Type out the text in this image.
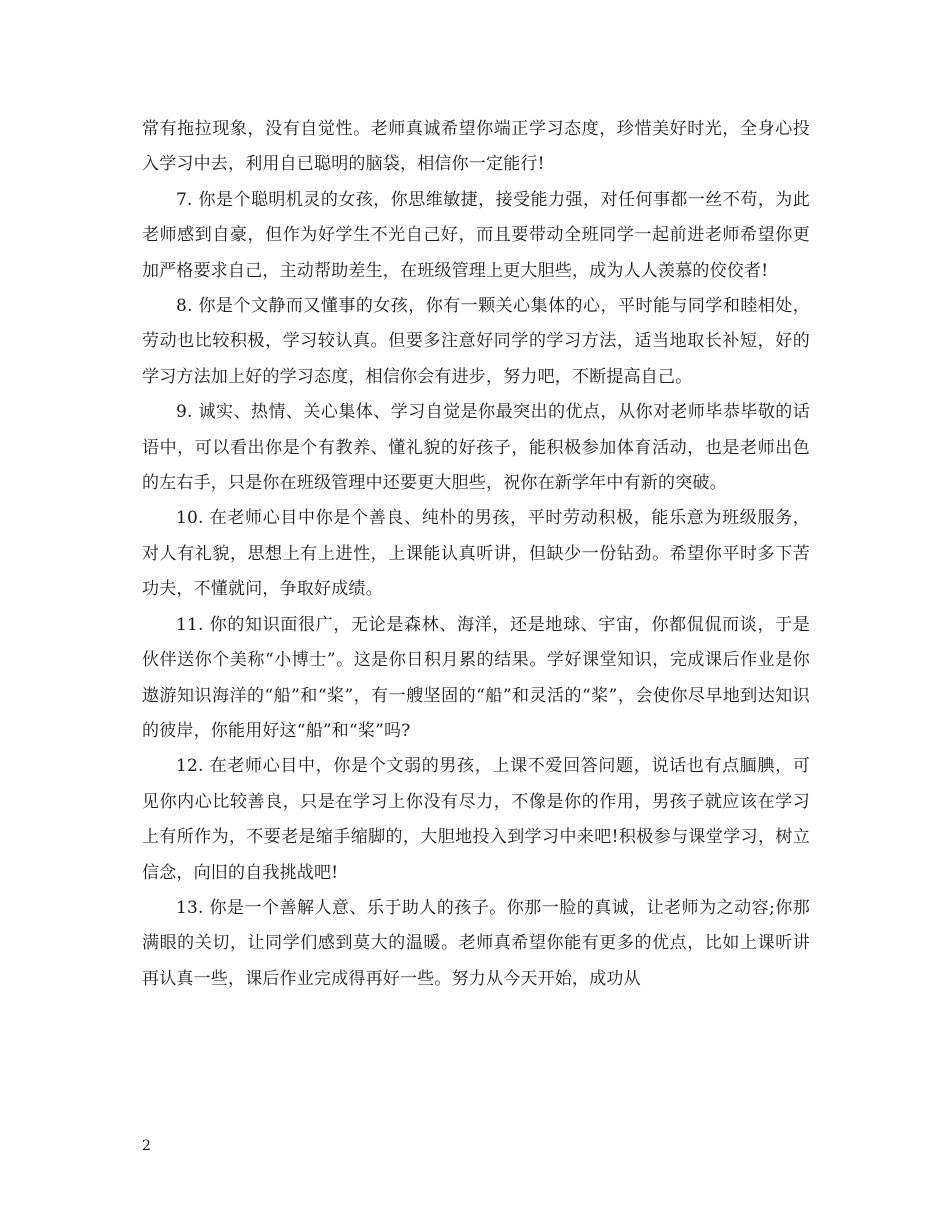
常有拖拉现象，没有自觉性。老师真诚希望你端正学习态度，珍惜美好时光，全身心投入学习中去，利用自已聪明的脑袋，相信你一定能行!

7. 你是个聪明机灵的女孩，你思维敏捷，接受能力强，对任何事都一丝不苟，为此老师感到自豪，但作为好学生不光自己好，而且要带动全班同学一起前进老师希望你更加严格要求自己，主动帮助差生，在班级管理上更大胆些，成为人人羡慕的佼佼者!

8. 你是个文静而又懂事的女孩，你有一颗关心集体的心，平时能与同学和睦相处，劳动也比较积极，学习较认真。但要多注意好同学的学习方法，适当地取长补短，好的学习方法加上好的学习态度，相信你会有进步，努力吧，不断提高自己。

9. 诚实、热情、关心集体、学习自觉是你最突出的优点，从你对老师毕恭毕敬的话语中，可以看出你是个有教养、懂礼貌的好孩子，能积极参加体育活动，也是老师出色的左右手，只是你在班级管理中还要更大胆些，祝你在新学年中有新的突破。

10. 在老师心目中你是个善良、纯朴的男孩，平时劳动积极，能乐意为班级服务，对人有礼貌，思想上有上进性，上课能认真听讲，但缺少一份钻劲。希望你平时多下苦功夫，不懂就问，争取好成绩。

11. 你的知识面很广，无论是森林、海洋，还是地球、宇宙，你都侃侃而谈，于是伙伴送你个美称“小博士”。这是你日积月累的结果。学好课堂知识，完成课后作业是你遨游知识海洋的“船”和“桨”，有一艘坚固的“船”和灵活的“桨”，会使你尽早地到达知识的彼岸，你能用好这“船”和“桨”吗?

12. 在老师心目中，你是个文弱的男孩，上课不爱回答问题，说话也有点腼腆，可见你内心比较善良，只是在学习上你没有尽力，不像是你的作用，男孩子就应该在学习上有所作为，不要老是缩手缩脚的，大胆地投入到学习中来吧!积极参与课堂学习，树立信念，向旧的自我挑战吧!

13. 你是一个善解人意、乐于助人的孩子。你那一脸的真诚，让老师为之动容;你那满眼的关切，让同学们感到莫大的温暖。老师真希望你能有更多的优点，比如上课听讲再认真一些，课后作业完成得再好一些。努力从今天开始，成功从

2
